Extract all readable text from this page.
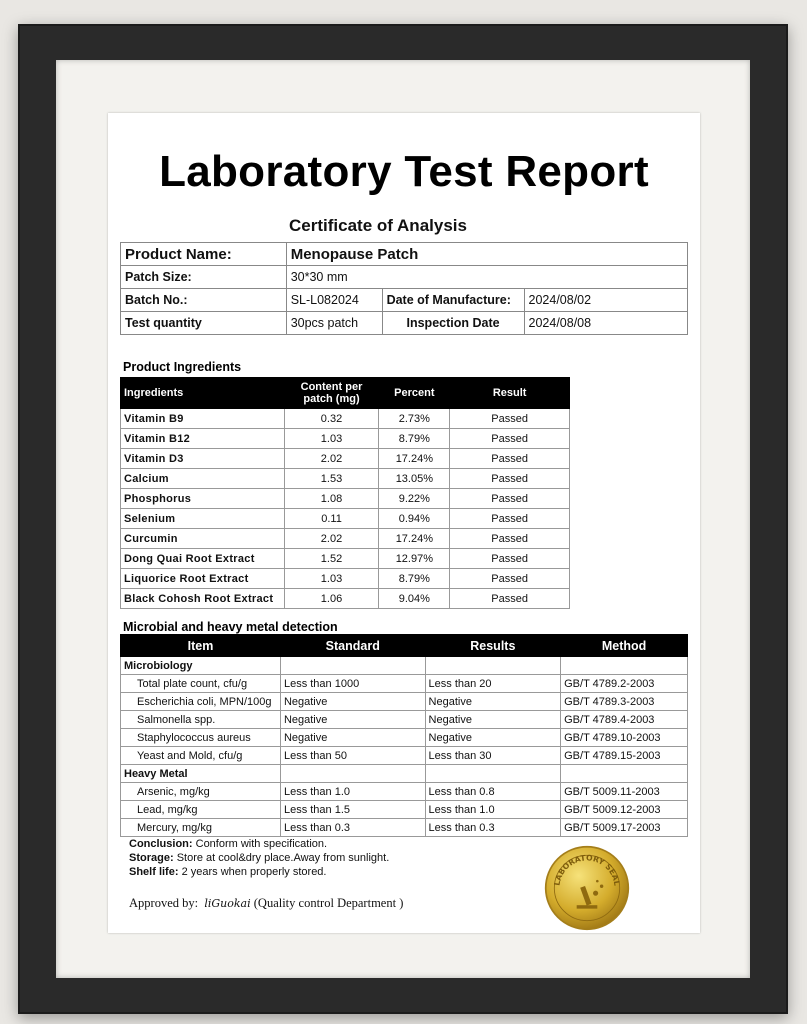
Laboratory Test Report
Certificate of Analysis
Product Name:	Menopause Patch		
Patch Size:	30*30 mm		
Batch No.:	SL-L082024	Date of Manufacture:	2024/08/02
Test quantity	30pcs patch	Inspection Date	2024/08/08
Product Ingredients
Ingredients	Content per patch (mg)	Percent	Result
Vitamin B9	0.32	2.73%	Passed
Vitamin B12	1.03	8.79%	Passed
Vitamin D3	2.02	17.24%	Passed
Calcium	1.53	13.05%	Passed
Phosphorus	1.08	9.22%	Passed
Selenium	0.11	0.94%	Passed
Curcumin	2.02	17.24%	Passed
Dong Quai Root Extract	1.52	12.97%	Passed
Liquorice Root Extract	1.03	8.79%	Passed
Black Cohosh Root Extract	1.06	9.04%	Passed
Microbial and heavy metal detection
Item	Standard	Results	Method
Microbiology			
Total plate count, cfu/g	Less than 1000	Less than 20	GB/T 4789.2-2003
Escherichia coli, MPN/100g	Negative	Negative	GB/T 4789.3-2003
Salmonella spp.	Negative	Negative	GB/T 4789.4-2003
Staphylococcus aureus	Negative	Negative	GB/T 4789.10-2003
Yeast and Mold, cfu/g	Less than 50	Less than 30	GB/T 4789.15-2003
Heavy Metal			
Arsenic, mg/kg	Less than 1.0	Less than 0.8	GB/T 5009.11-2003
Lead, mg/kg	Less than 1.5	Less than 1.0	GB/T 5009.12-2003
Mercury, mg/kg	Less than 0.3	Less than 0.3	GB/T 5009.17-2003
Conclusion: Conform with specification.
Storage: Store at cool&dry place.Away from sunlight.
Shelf life: 2 years when properly stored.
Approved by: liGuokai (Quality control Department )
LABORATORY SEAL
